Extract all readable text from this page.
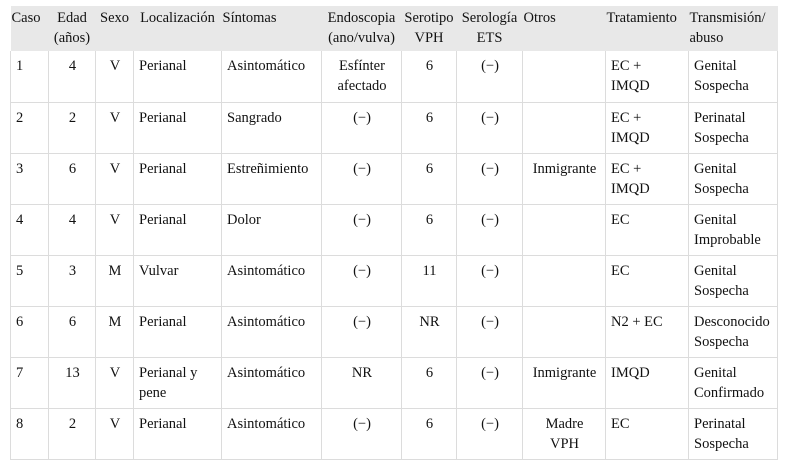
Caso	Edad
(años)	Sexo	Localización	Síntomas	Endoscopia
(ano/vulva)	Serotipo
VPH	Serología
ETS	Otros	Tratamiento	Transmisión/
abuso

1	4	V	Perianal	Asintomático	Esfínter
afectado	6	(−)		EC +
IMQD	Genital
Sospecha

2	2	V	Perianal	Sangrado	(−)	6	(−)		EC +
IMQD	Perinatal
Sospecha

3	6	V	Perianal	Estreñimiento	(−)	6	(−)	Inmigrante	EC +
IMQD	Genital
Sospecha

4	4	V	Perianal	Dolor	(−)	6	(−)		EC	Genital
Improbable

5	3	M	Vulvar	Asintomático	(−)	11	(−)		EC	Genital
Sospecha

6	6	M	Perianal	Asintomático	(−)	NR	(−)		N2 + EC	Desconocido
Sospecha

7	13	V	Perianal y
pene	Asintomático	NR	6	(−)	Inmigrante	IMQD	Genital
Confirmado

8	2	V	Perianal	Asintomático	(−)	6	(−)	Madre
VPH	EC	Perinatal
Sospecha
